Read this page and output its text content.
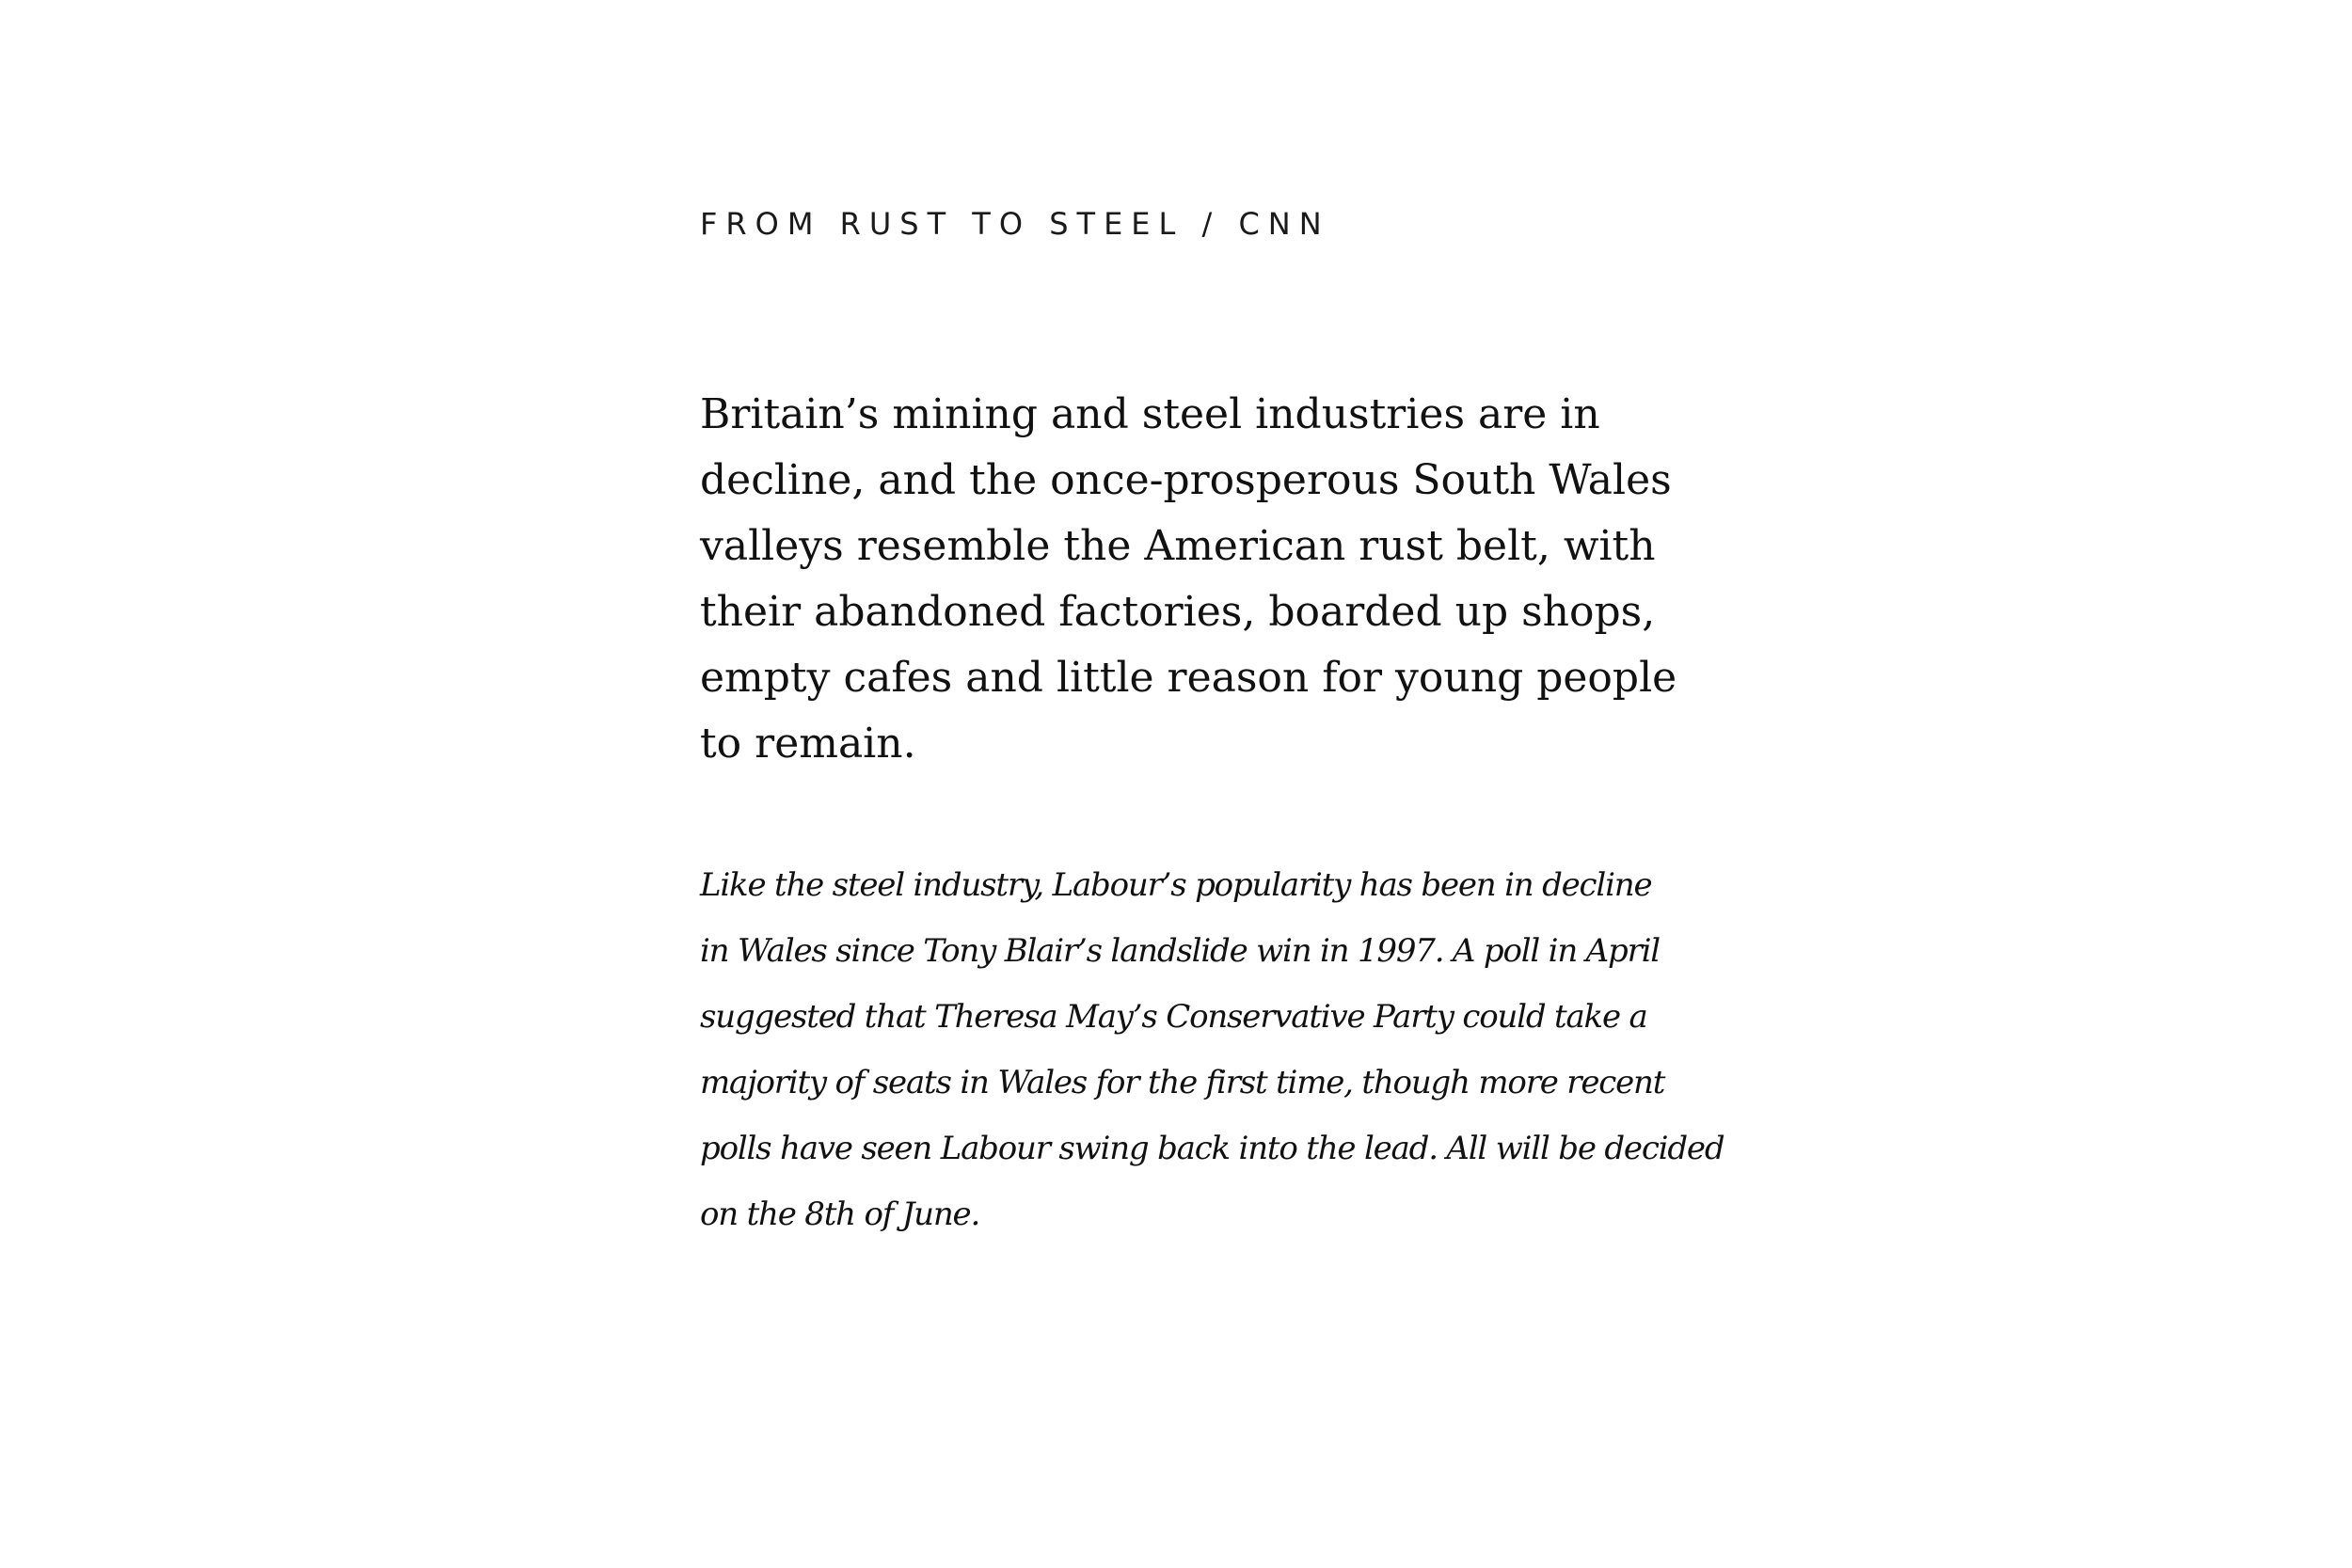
FROM RUST TO STEEL / CNN

Britain’s mining and steel industries are in
decline, and the once-prosperous South Wales
valleys resemble the American rust belt, with
their abandoned factories, boarded up shops,
empty cafes and little reason for young people
to remain.

Like the steel industry, Labour’s popularity has been in decline
in Wales since Tony Blair’s landslide win in 1997. A poll in April
suggested that Theresa May’s Conservative Party could take a
majority of seats in Wales for the first time, though more recent
polls have seen Labour swing back into the lead. All will be decided
on the 8th of June.
